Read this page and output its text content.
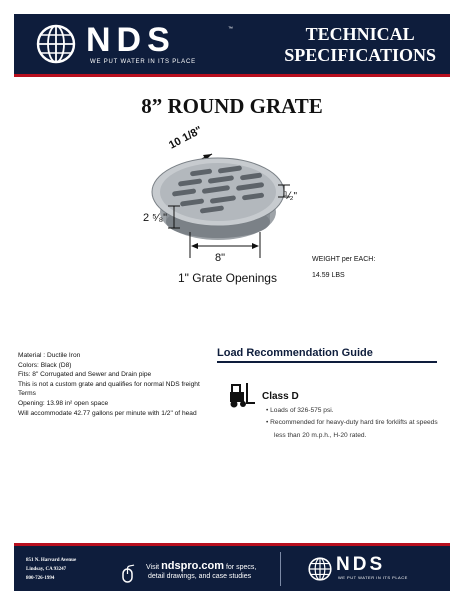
NDS	™
WE PUT WATER IN ITS PLACE
TECHNICAL
SPECIFICATIONS
8” ROUND GRATE
10 1/8"
⅟₂"
2 ⁵⁄₈"
8"
1" Grate Openings
WEIGHT per EACH:
14.59 LBS
Material : Ductile Iron
Colors: Black (D8)
Fits: 8" Corrugated and Sewer and Drain pipe
This is not a custom grate and qualifies for normal NDS freight
Terms
Opening: 13.98 in² open space
Will accommodate 42.77 gallons per minute with 1/2" of head
Load Recommendation Guide
Class D
• Loads of 326-575 psi.
• Recommended for heavy-duty hard tire forklifts at speeds
less than 20 m.p.h., H-20 rated.
851 N. Harvard Avenue
Lindsay, CA 93247
800-726-1994
Visit ndspro.com for specs,
detail drawings, and case studies
NDS
WE PUT WATER IN ITS PLACE
